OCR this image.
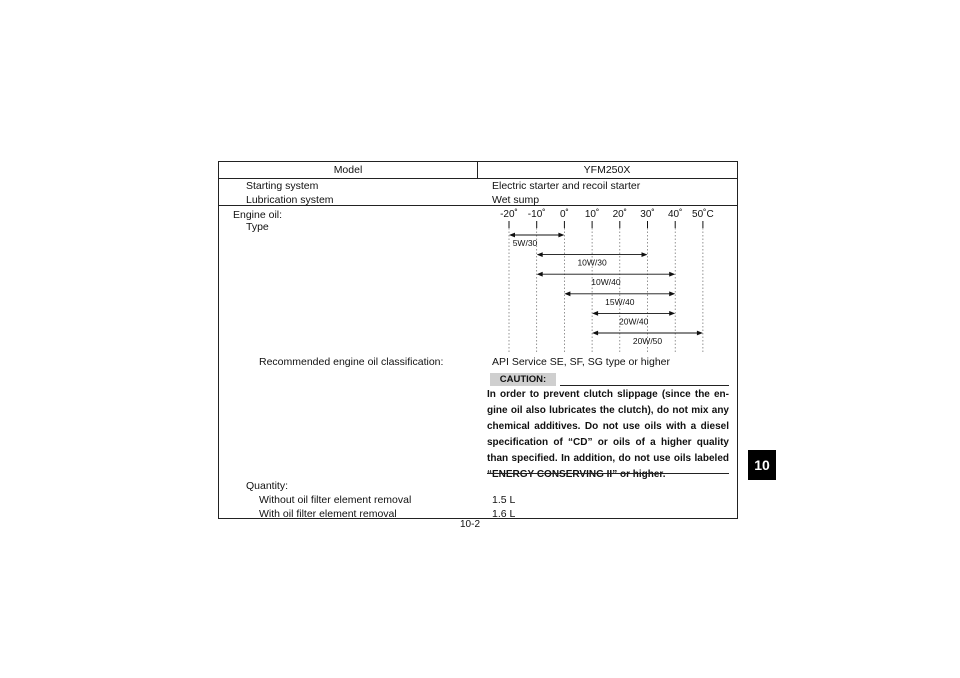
Model	YFM250X
Starting system	Electric starter and recoil starter
Lubrication system	Wet sump
Engine oil:
Type
-20˚ -10˚ 0˚ 10˚ 20˚ 30˚ 40˚ 50˚C
5W/30
10W/30
10W/40
15W/40
20W/40
20W/50
Recommended engine oil classification:	API Service SE, SF, SG type or higher
CAUTION:
In order to prevent clutch slippage (since the en-gine oil also lubricates the clutch), do not mix any chemical additives. Do not use oils with a diesel specification of “CD” or oils of a higher quality than specified. In addition, do not use oils labeled “ENERGY CONSERVING II” or higher.
Quantity:
Without oil filter element removal	1.5 L
With oil filter element removal	1.6 L
10
10-2
